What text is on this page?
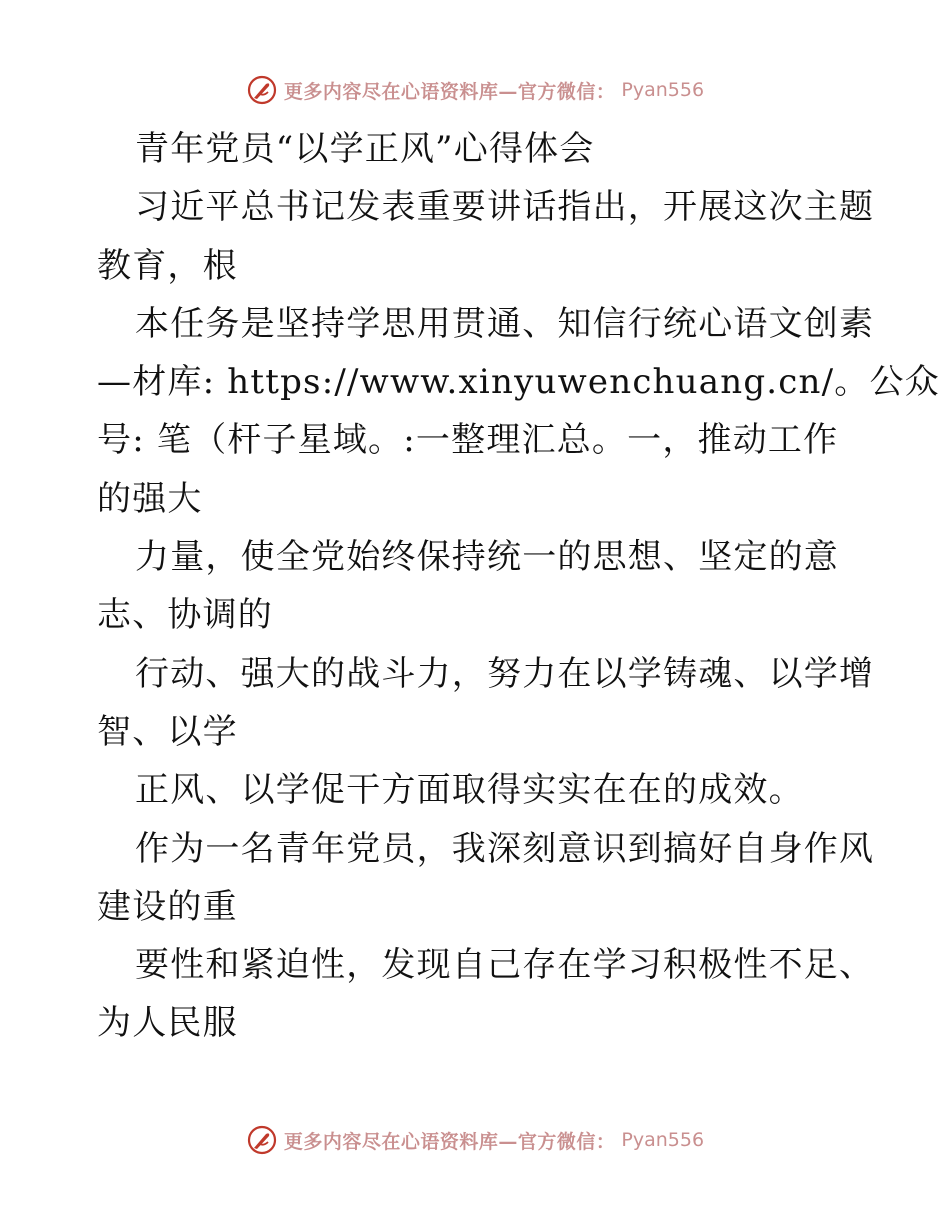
更多内容尽在心语资料库—官方微信： Pyan556
青年党员“以学正风”心得体会
习近平总书记发表重要讲话指出，开展这次主题
教育，根
本任务是坚持学思用贯通、知信行统心语文创素
—材库: https://www.xinyuwenchuang.cn/。公众
号: 笔（杆子星域。:一整理汇总。一，推动工作
的强大
力量，使全党始终保持统一的思想、坚定的意
志、协调的
行动、强大的战斗力，努力在以学铸魂、以学增
智、以学
正风、以学促干方面取得实实在在的成效。
作为一名青年党员，我深刻意识到搞好自身作风
建设的重
要性和紧迫性，发现自己存在学习积极性不足、
为人民服
更多内容尽在心语资料库—官方微信： Pyan556
